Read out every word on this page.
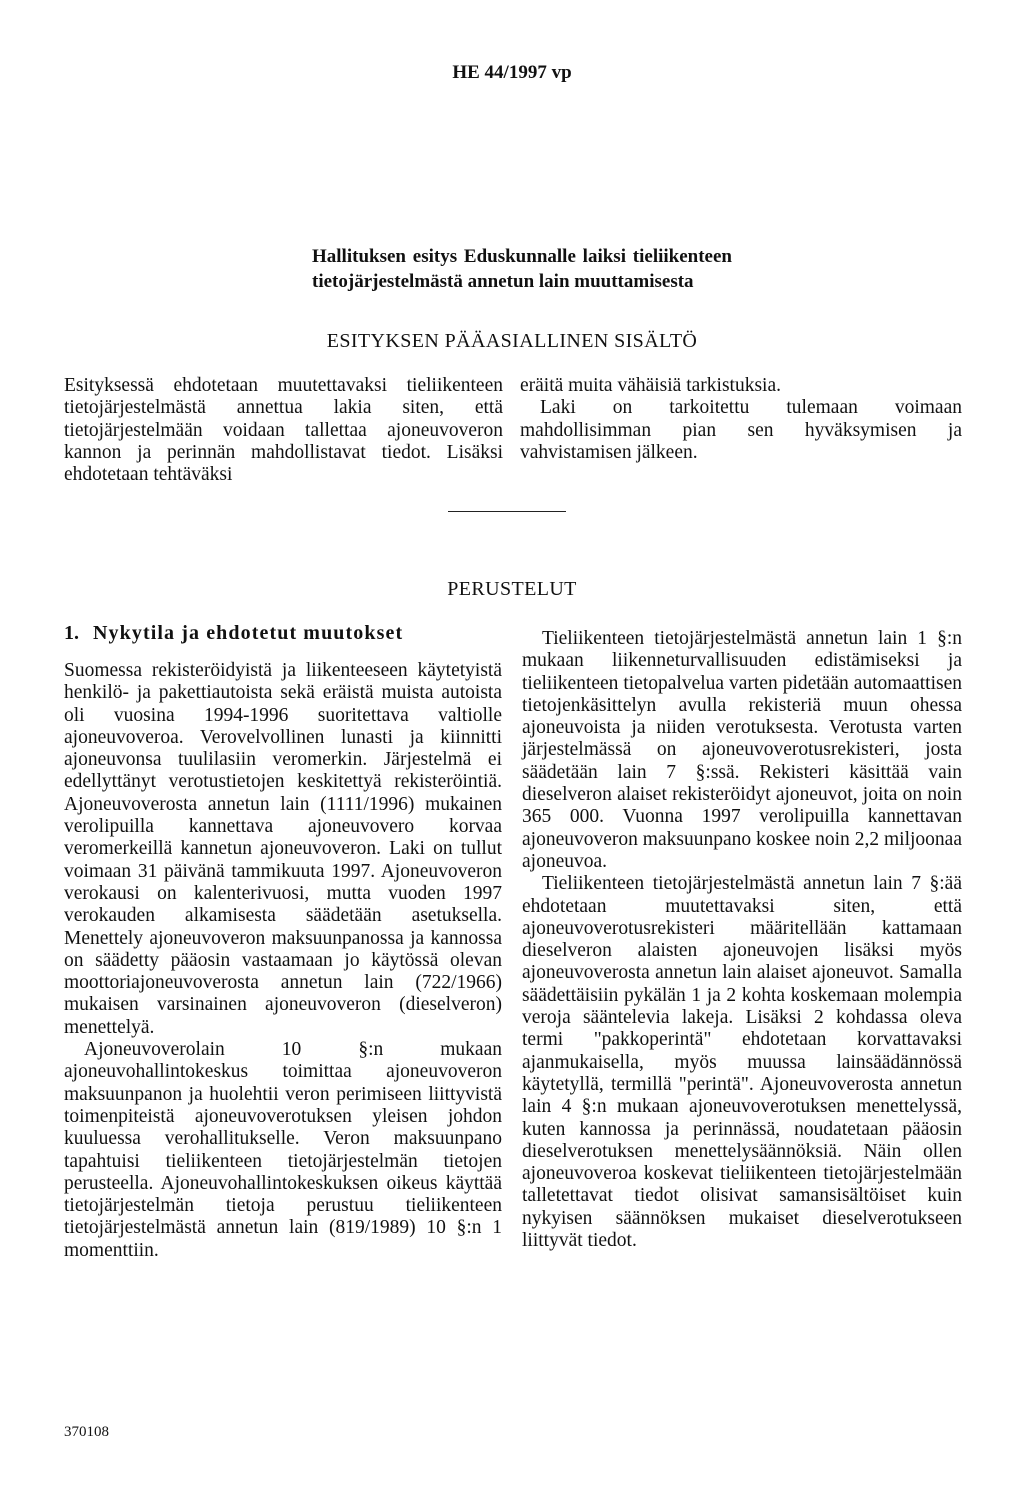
HE 44/1997 vp
Hallituksen esitys Eduskunnalle laiksi tieliikenteen tietojärjestelmästä annetun lain muuttamisesta
ESITYKSEN PÄÄASIALLINEN SISÄLTÖ

Esityksessä ehdotetaan muutettavaksi tieliikenteen tietojärjestelmästä annettua lakia siten, että tietojärjestelmään voidaan tallettaa ajoneuvoveron kannon ja perinnän mahdollistavat tiedot. Lisäksi ehdotetaan tehtäväksi

eräitä muita vähäisiä tarkistuksia.

Laki on tarkoitettu tulemaan voimaan mahdollisimman pian sen hyväksymisen ja vahvistamisen jälkeen.

PERUSTELUT
1. Nykytila ja ehdotetut muutokset

Suomessa rekisteröidyistä ja liikenteeseen käytetyistä henkilö- ja pakettiautoista sekä eräistä muista autoista oli vuosina 1994-1996 suoritettava valtiolle ajoneuvoveroa. Verovelvollinen lunasti ja kiinnitti ajoneuvonsa tuulilasiin veromerkin. Järjestelmä ei edellyttänyt verotustietojen keskitettyä rekisteröintiä. Ajoneuvoverosta annetun lain (1111/1996) mukainen verolipuilla kannettava ajoneuvovero korvaa veromerkeillä kannetun ajoneuvoveron. Laki on tullut voimaan 31 päivänä tammikuuta 1997. Ajoneuvoveron verokausi on kalenterivuosi, mutta vuoden 1997 verokauden alkamisesta säädetään asetuksella. Menettely ajoneuvoveron maksuunpanossa ja kannossa on säädetty pääosin vastaamaan jo käytössä olevan moottoriajoneuvoverosta annetun lain (722/1966) mukaisen varsinainen ajoneuvoveron (dieselveron) menettelyä.

Ajoneuvoverolain 10 §:n mukaan ajoneuvohallintokeskus toimittaa ajoneuvoveron maksuunpanon ja huolehtii veron perimiseen liittyvistä toimenpiteistä ajoneuvoverotuksen yleisen johdon kuuluessa verohallitukselle. Veron maksuunpano tapahtuisi tieliikenteen tietojärjestelmän tietojen perusteella. Ajoneuvohallintokeskuksen oikeus käyttää tietojärjestelmän tietoja perustuu tieliikenteen tietojärjestelmästä annetun lain (819/1989) 10 §:n 1 momenttiin.

Tieliikenteen tietojärjestelmästä annetun lain 1 §:n mukaan liikenneturvallisuuden edistämiseksi ja tieliikenteen tietopalvelua varten pidetään automaattisen tietojenkäsittelyn avulla rekisteriä muun ohessa ajoneuvoista ja niiden verotuksesta. Verotusta varten järjestelmässä on ajoneuvoverotusrekisteri, josta säädetään lain 7 §:ssä. Rekisteri käsittää vain dieselveron alaiset rekisteröidyt ajoneuvot, joita on noin 365 000. Vuonna 1997 verolipuilla kannettavan ajoneuvoveron maksuunpano koskee noin 2,2 miljoonaa ajoneuvoa.

Tieliikenteen tietojärjestelmästä annetun lain 7 §:ää ehdotetaan muutettavaksi siten, että ajoneuvoverotusrekisteri määritellään kattamaan dieselveron alaisten ajoneuvojen lisäksi myös ajoneuvoverosta annetun lain alaiset ajoneuvot. Samalla säädettäisiin pykälän 1 ja 2 kohta koskemaan molempia veroja sääntelevia lakeja. Lisäksi 2 kohdassa oleva termi "pakkoperintä" ehdotetaan korvattavaksi ajanmukaisella, myös muussa lainsäädännössä käytetyllä, termillä "perintä". Ajoneuvoverosta annetun lain 4 §:n mukaan ajoneuvoverotuksen menettelyssä, kuten kannossa ja perinnässä, noudatetaan pääosin dieselverotuksen menettelysäännöksiä. Näin ollen ajoneuvoveroa koskevat tieliikenteen tietojärjestelmään talletettavat tiedot olisivat samansisältöiset kuin nykyisen säännöksen mukaiset dieselverotukseen liittyvät tiedot.

370108
